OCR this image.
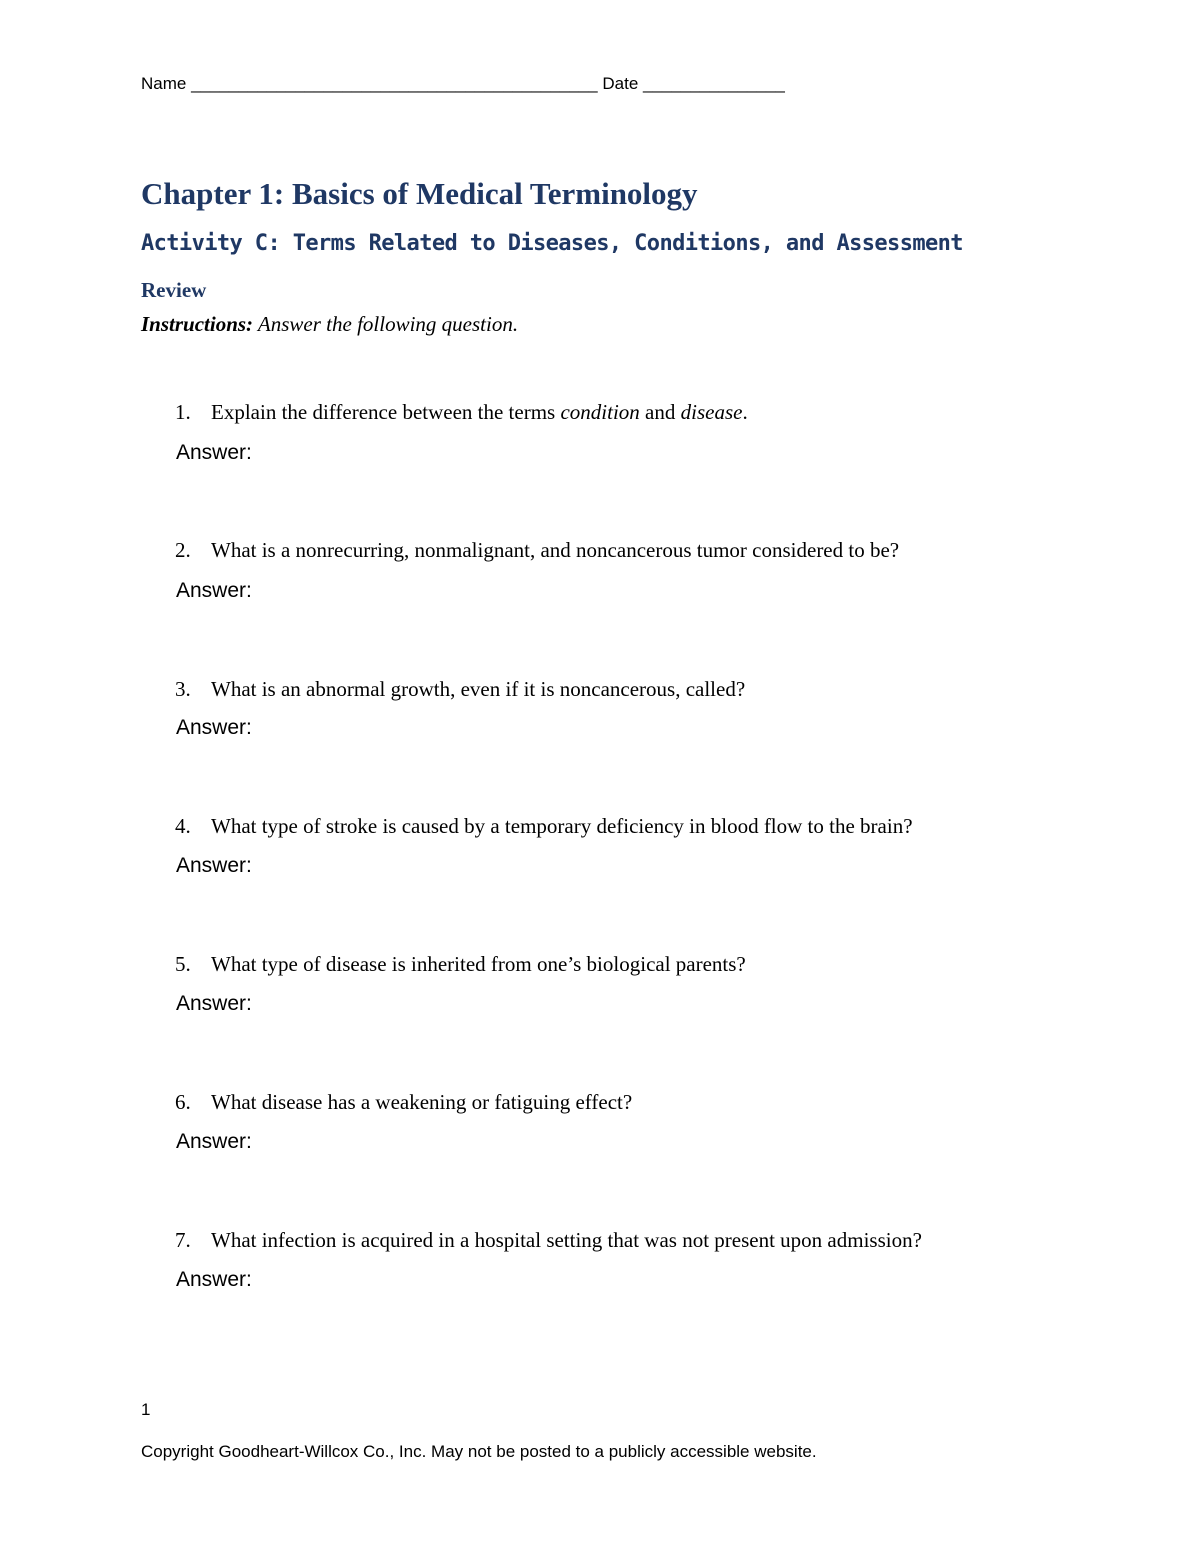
Name ___________________________________________ Date _______________
Chapter 1: Basics of Medical Terminology
Activity C: Terms Related to Diseases, Conditions, and Assessment
Review
Instructions: Answer the following question.
1. Explain the difference between the terms condition and disease.
Answer:
2. What is a nonrecurring, nonmalignant, and noncancerous tumor considered to be?
Answer:
3. What is an abnormal growth, even if it is noncancerous, called?
Answer:
4. What type of stroke is caused by a temporary deficiency in blood flow to the brain?
Answer:
5. What type of disease is inherited from one’s biological parents?
Answer:
6. What disease has a weakening or fatiguing effect?
Answer:
7. What infection is acquired in a hospital setting that was not present upon admission?
Answer:
1
Copyright Goodheart-Willcox Co., Inc. May not be posted to a publicly accessible website.
